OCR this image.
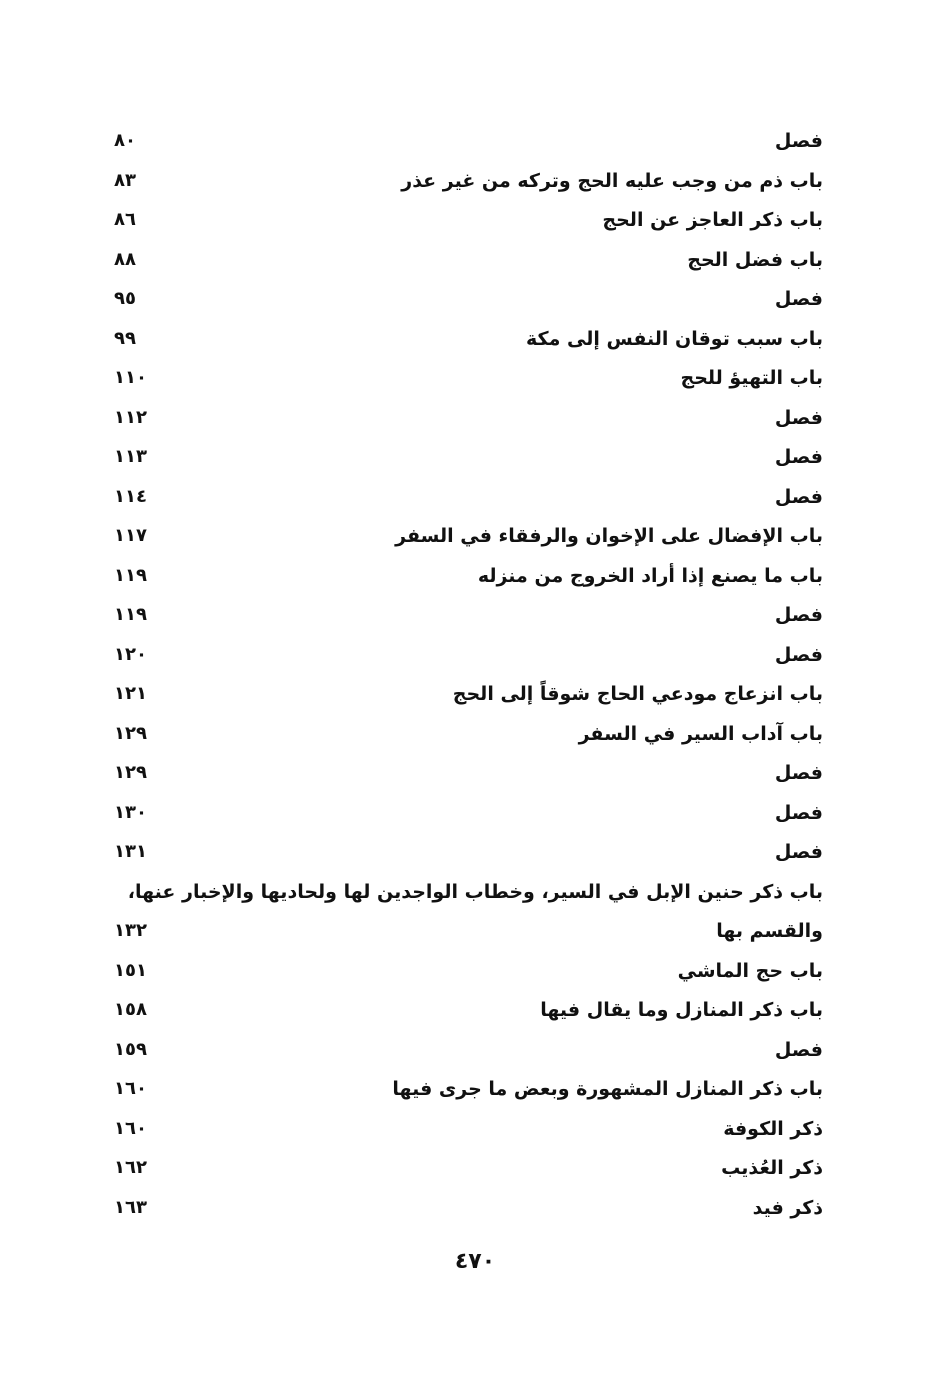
فصل
٨٠
باب ذم من وجب عليه الحج وتركه من غير عذر
٨٣
باب ذكر العاجز عن الحج
٨٦
باب فضل الحج
٨٨
فصل
٩٥
باب سبب توقان النفس إلى مكة
٩٩
باب التهيؤ للحج
١١٠
فصل
١١٢
فصل
١١٣
فصل
١١٤
باب الإفضال على الإخوان والرفقاء في السفر
١١٧
باب ما يصنع إذا أراد الخروج من منزله
١١٩
فصل
١١٩
فصل
١٢٠
باب انزعاج مودعي الحاج شوقاً إلى الحج
١٢١
باب آداب السير في السفر
١٢٩
فصل
١٢٩
فصل
١٣٠
فصل
١٣١
باب ذكر حنين الإبل في السير، وخطاب الواجدين لها ولحاديها والإخبار عنها،
والقسم بها
١٣٢
باب حج الماشي
١٥١
باب ذكر المنازل وما يقال فيها
١٥٨
فصل
١٥٩
باب ذكر المنازل المشهورة وبعض ما جرى فيها
١٦٠
ذكر الكوفة
١٦٠
ذكر العُذيب
١٦٢
ذكر فيد
١٦٣
٤٧٠
